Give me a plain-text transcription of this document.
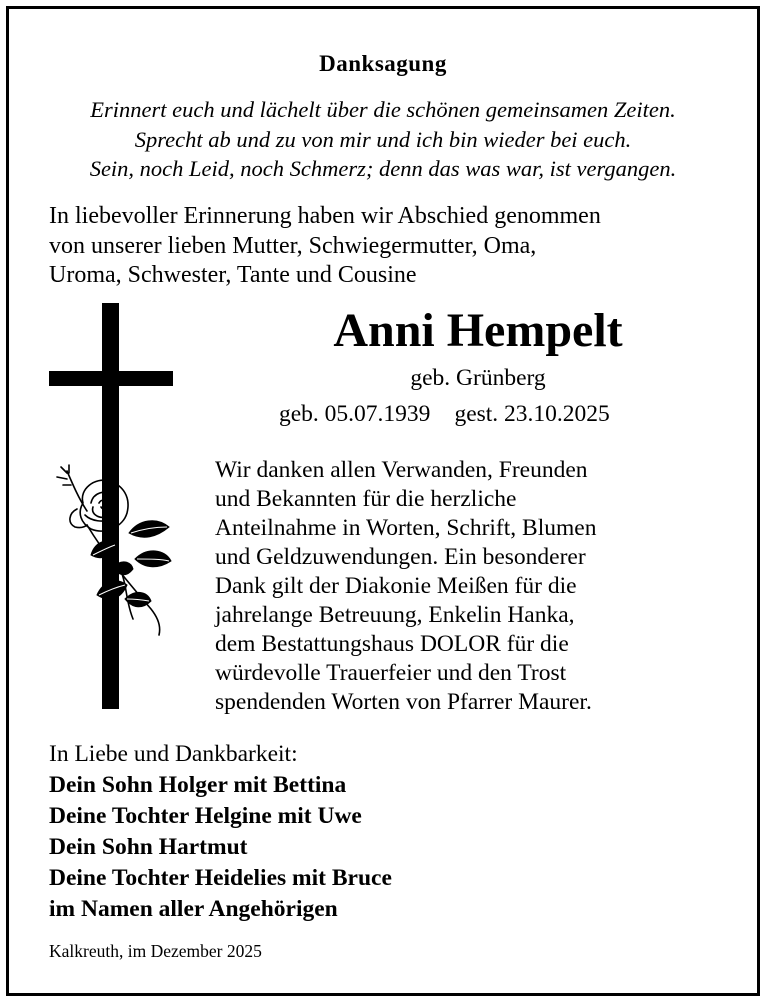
Danksagung
Erinnert euch und lächelt über die schönen gemeinsamen Zeiten.
Sprecht ab und zu von mir und ich bin wieder bei euch.
Sein, noch Leid, noch Schmerz; denn das was war, ist vergangen.
In liebevoller Erinnerung haben wir Abschied genommen
von unserer lieben Mutter, Schwiegermutter, Oma,
Uroma, Schwester, Tante und Cousine
Anni Hempelt
geb. Grünberg
geb. 05.07.1939 gest. 23.10.2025
Wir danken allen Verwanden, Freunden
und Bekannten für die herzliche
Anteilnahme in Worten, Schrift, Blumen
und Geldzuwendungen. Ein besonderer
Dank gilt der Diakonie Meißen für die
jahrelange Betreuung, Enkelin Hanka,
dem Bestattungshaus DOLOR für die
würdevolle Trauerfeier und den Trost
spendenden Worten von Pfarrer Maurer.
In Liebe und Dankbarkeit:
Dein Sohn Holger mit Bettina
Deine Tochter Helgine mit Uwe
Dein Sohn Hartmut
Deine Tochter Heidelies mit Bruce
im Namen aller Angehörigen
Kalkreuth, im Dezember 2025
